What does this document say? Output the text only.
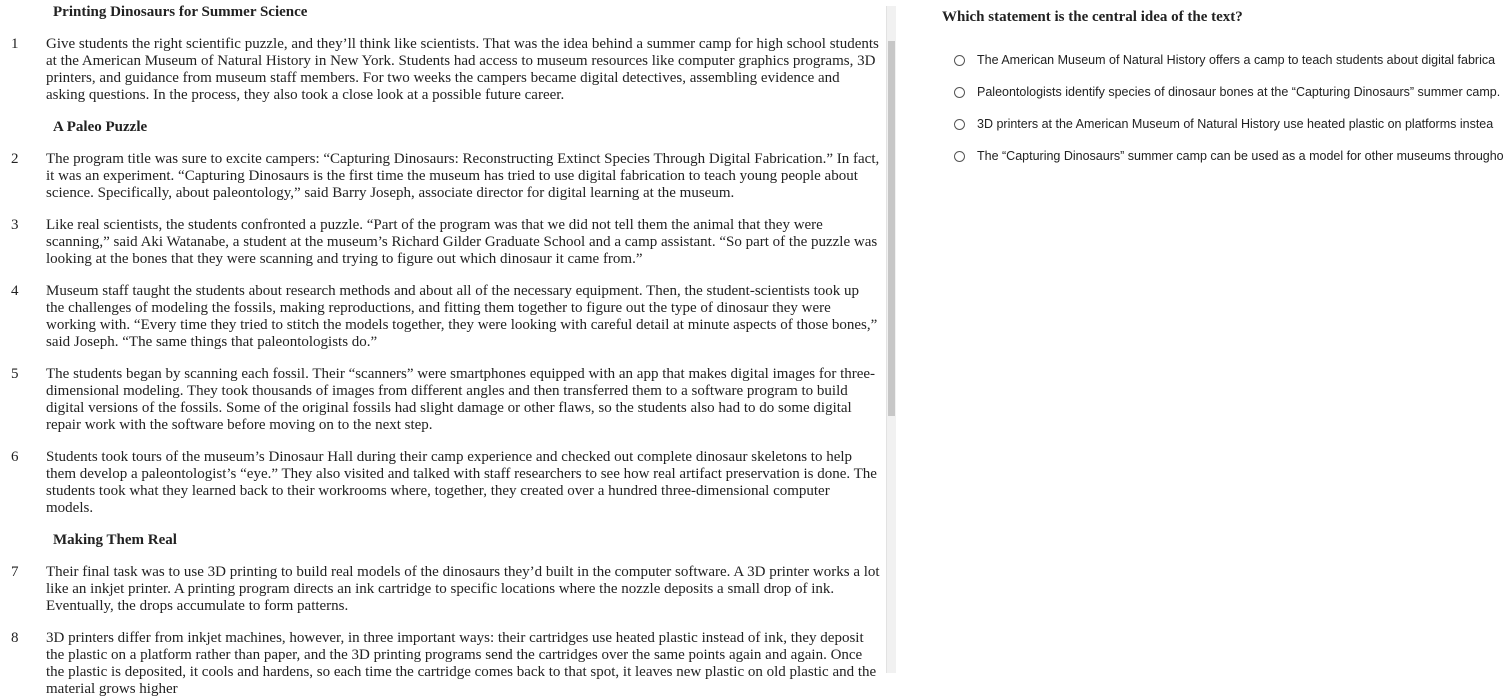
Printing Dinosaurs for Summer Science
1	Give students the right scientific puzzle, and they’ll think like scientists. That was the idea behind a summer camp for high school students at the American Museum of Natural History in New York. Students had access to museum resources like computer graphics programs, 3D printers, and guidance from museum staff members. For two weeks the campers became digital detectives, assembling evidence and asking questions. In the process, they also took a close look at a possible future career.

A Paleo Puzzle
2	The program title was sure to excite campers: “Capturing Dinosaurs: Reconstructing Extinct Species Through Digital Fabrication.” In fact, it was an experiment. “Capturing Dinosaurs is the first time the museum has tried to use digital fabrication to teach young people about science. Specifically, about paleontology,” said Barry Joseph, associate director for digital learning at the museum.

3	Like real scientists, the students confronted a puzzle. “Part of the program was that we did not tell them the animal that they were scanning,” said Aki Watanabe, a student at the museum’s Richard Gilder Graduate School and a camp assistant. “So part of the puzzle was looking at the bones that they were scanning and trying to figure out which dinosaur it came from.”

4	Museum staff taught the students about research methods and about all of the necessary equipment. Then, the student-scientists took up the challenges of modeling the fossils, making reproductions, and fitting them together to figure out the type of dinosaur they were working with. “Every time they tried to stitch the models together, they were looking with careful detail at minute aspects of those bones,” said Joseph. “The same things that paleontologists do.”

5	The students began by scanning each fossil. Their “scanners” were smartphones equipped with an app that makes digital images for three-dimensional modeling. They took thousands of images from different angles and then transferred them to a software program to build digital versions of the fossils. Some of the original fossils had slight damage or other flaws, so the students also had to do some digital repair work with the software before moving on to the next step.

6	Students took tours of the museum’s Dinosaur Hall during their camp experience and checked out complete dinosaur skeletons to help them develop a paleontologist’s “eye.” They also visited and talked with staff researchers to see how real artifact preservation is done. The students took what they learned back to their workrooms where, together, they created over a hundred three-dimensional computer models.

Making Them Real
7	Their final task was to use 3D printing to build real models of the dinosaurs they’d built in the computer software. A 3D printer works a lot like an inkjet printer. A printing program directs an ink cartridge to specific locations where the nozzle deposits a small drop of ink. Eventually, the drops accumulate to form patterns.

8	3D printers differ from inkjet machines, however, in three important ways: their cartridges use heated plastic instead of ink, they deposit the plastic on a platform rather than paper, and the 3D printing programs send the cartridges over the same points again and again. Once the plastic is deposited, it cools and hardens, so each time the cartridge comes back to that spot, it leaves new plastic on old plastic and the material grows higher

Which statement is the central idea of the text?

The American Museum of Natural History offers a camp to teach students about digital fabrica
Paleontologists identify species of dinosaur bones at the “Capturing Dinosaurs” summer camp.
3D printers at the American Museum of Natural History use heated plastic on platforms instea
The “Capturing Dinosaurs” summer camp can be used as a model for other museums througho
